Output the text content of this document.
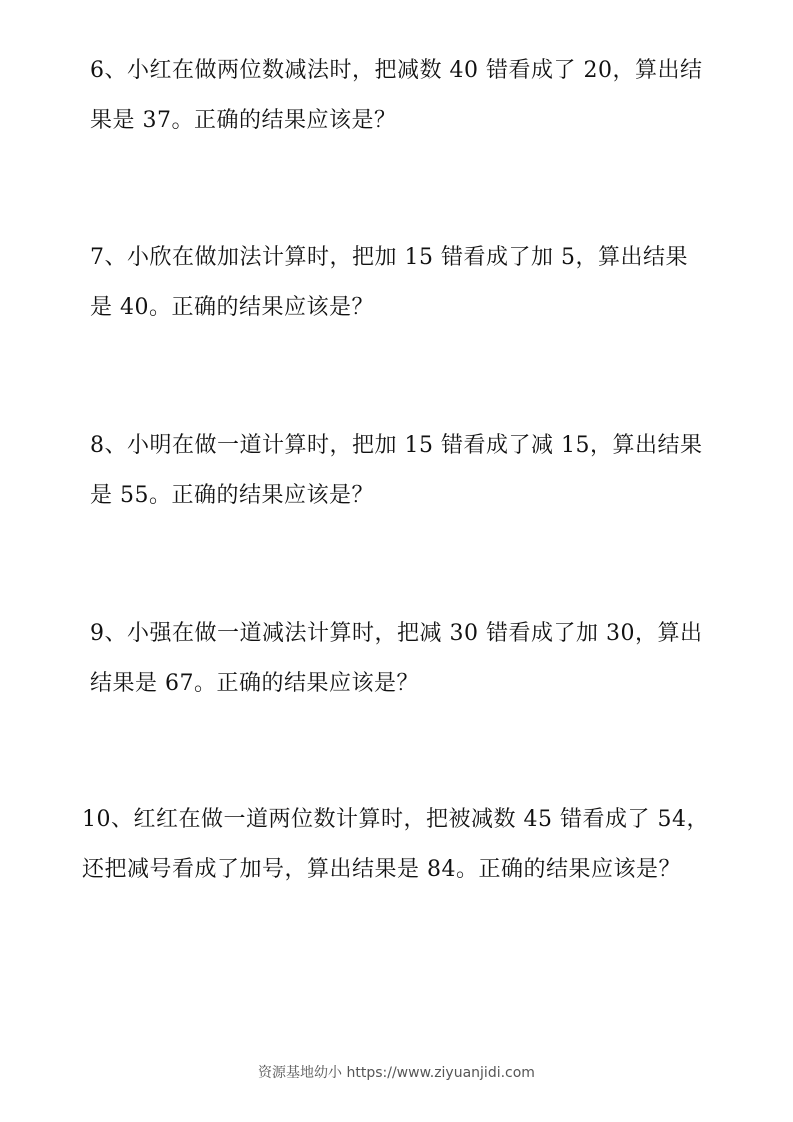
6、小红在做两位数减法时，把减数 40 错看成了 20，算出结
果是 37。正确的结果应该是？
7、小欣在做加法计算时，把加 15 错看成了加 5，算出结果
是 40。正确的结果应该是？
8、小明在做一道计算时，把加 15 错看成了减 15，算出结果
是 55。正确的结果应该是？
9、小强在做一道减法计算时，把减 30 错看成了加 30，算出
结果是 67。正确的结果应该是？
10、红红在做一道两位数计算时，把被减数 45 错看成了 54，
还把减号看成了加号，算出结果是 84。正确的结果应该是？
资源基地幼小 https://www.ziyuanjidi.com
